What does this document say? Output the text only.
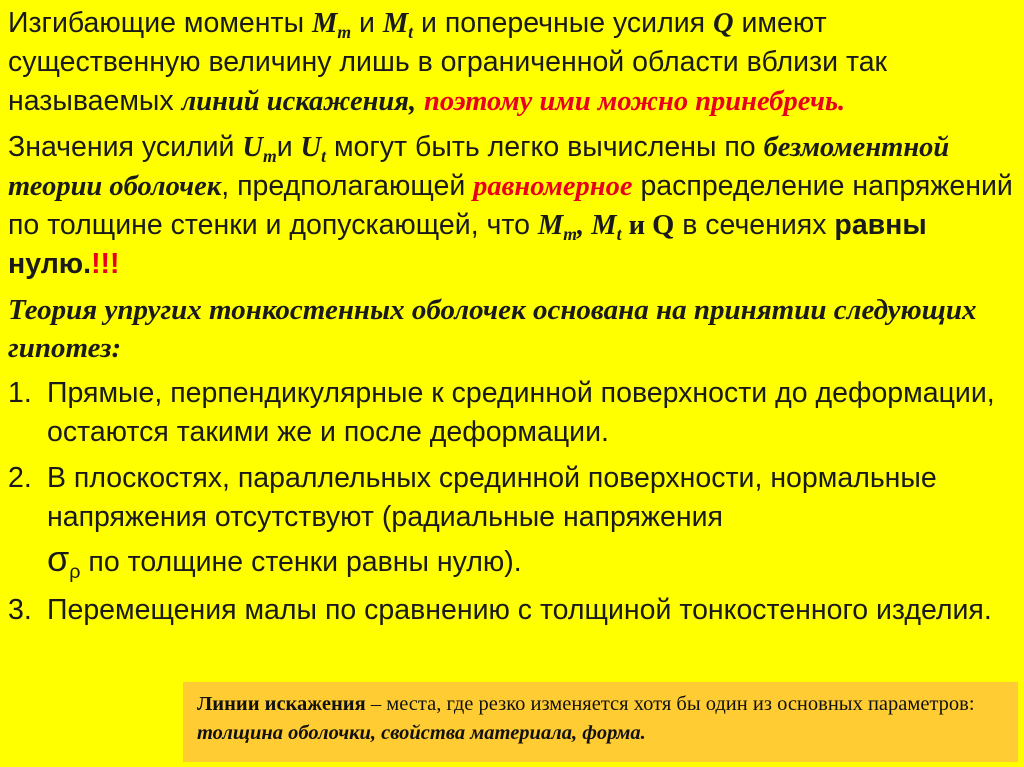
Изгибающие моменты $M_m$ и $M_t$ и поперечные усилия Q имеют существенную величину лишь в ограниченной области вблизи так называемых линий искажения, поэтому ими можно принебречь.

Значения усилий $U_mи$ $U_t$ могут быть легко вычислены по безмоментной теории оболочек, предполагающей равномерное распределение напряжений по толщине стенки и допускающей, что $M_m$, $M_t$ и Q в сечениях равны нулю.!!!

Теория упругих тонкостенных оболочек основана на принятии следующих гипотез:

1. Прямые, перпендикулярные к срединной поверхности до деформации, остаются такими же и после деформации.
2. В плоскостях, параллельных срединной поверхности, нормальные напряжения отсутствуют (радиальные напряжения
$\sigma_\rho$ по толщине стенки равны нулю).
3. Перемещения малы по сравнению с толщиной тонкостенного изделия.
Линии искажения – места, где резко изменяется хотя бы один из основных параметров: толщина оболочки, свойства материала, форма.
